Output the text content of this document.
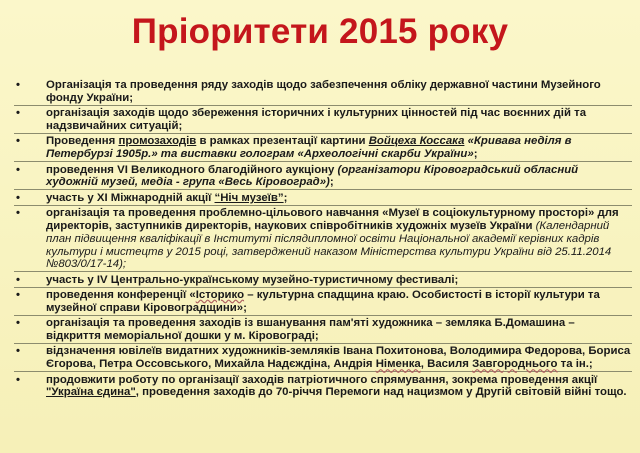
Пріоритети 2015 року
• Організація та проведення ряду заходів щодо забезпечення обліку державної частини Музейного фонду України;
• організація заходів щодо збереження історичних і культурних цінностей під час воєнних дій та надзвичайних ситуацій;
• Проведення промозаходів в рамках презентації картини Войцеха Коссака «Кривава неділя в Петербурзі 1905р.» та виставки голограм «Археологічні скарби України»;
• проведення VI Великодного благодійного аукціону (організатори Кіровоградський обласний художній музей, медіа - група «Весь Кіровоград»);
• участь у XI Міжнародній акції “Ніч музеїв”;
• організація та проведення проблемно-цільового навчання «Музеї в соціокультурному просторі» для директорів, заступників директорів, наукових співробітників художніх музеїв України (Календарний план підвищення кваліфікації в Інституті післядипломної освіти Національної академії керівних кадрів культури і мистецтв у 2015 році, затверджений наказом Міністерства культури України від 25.11.2014 №803/0/17-14);
• участь у IV Центрально-українському музейно-туристичному фестивалі;
• проведення конференції «Історико – культурна спадщина краю. Особистості в історії культури та музейної справи Кіровоградщини»;
• організація та проведення заходів із вшанування пам'яті художника – земляка Б.Домашина – відкриття меморіальної дошки у м. Кіровограді;
• відзначення ювілеїв видатних художників-земляків Івана Похитонова, Володимира Федорова, Бориса Єгорова, Петра Оссовського, Михайла Надєждіна, Андрія Німенка, Василя Завгороднього та ін.;
• продовжити роботу по організації заходів патріотичного спрямування, зокрема проведення акції "Україна єдина", проведення заходів до 70-річчя Перемоги над нацизмом у Другій світовій війні тощо.
